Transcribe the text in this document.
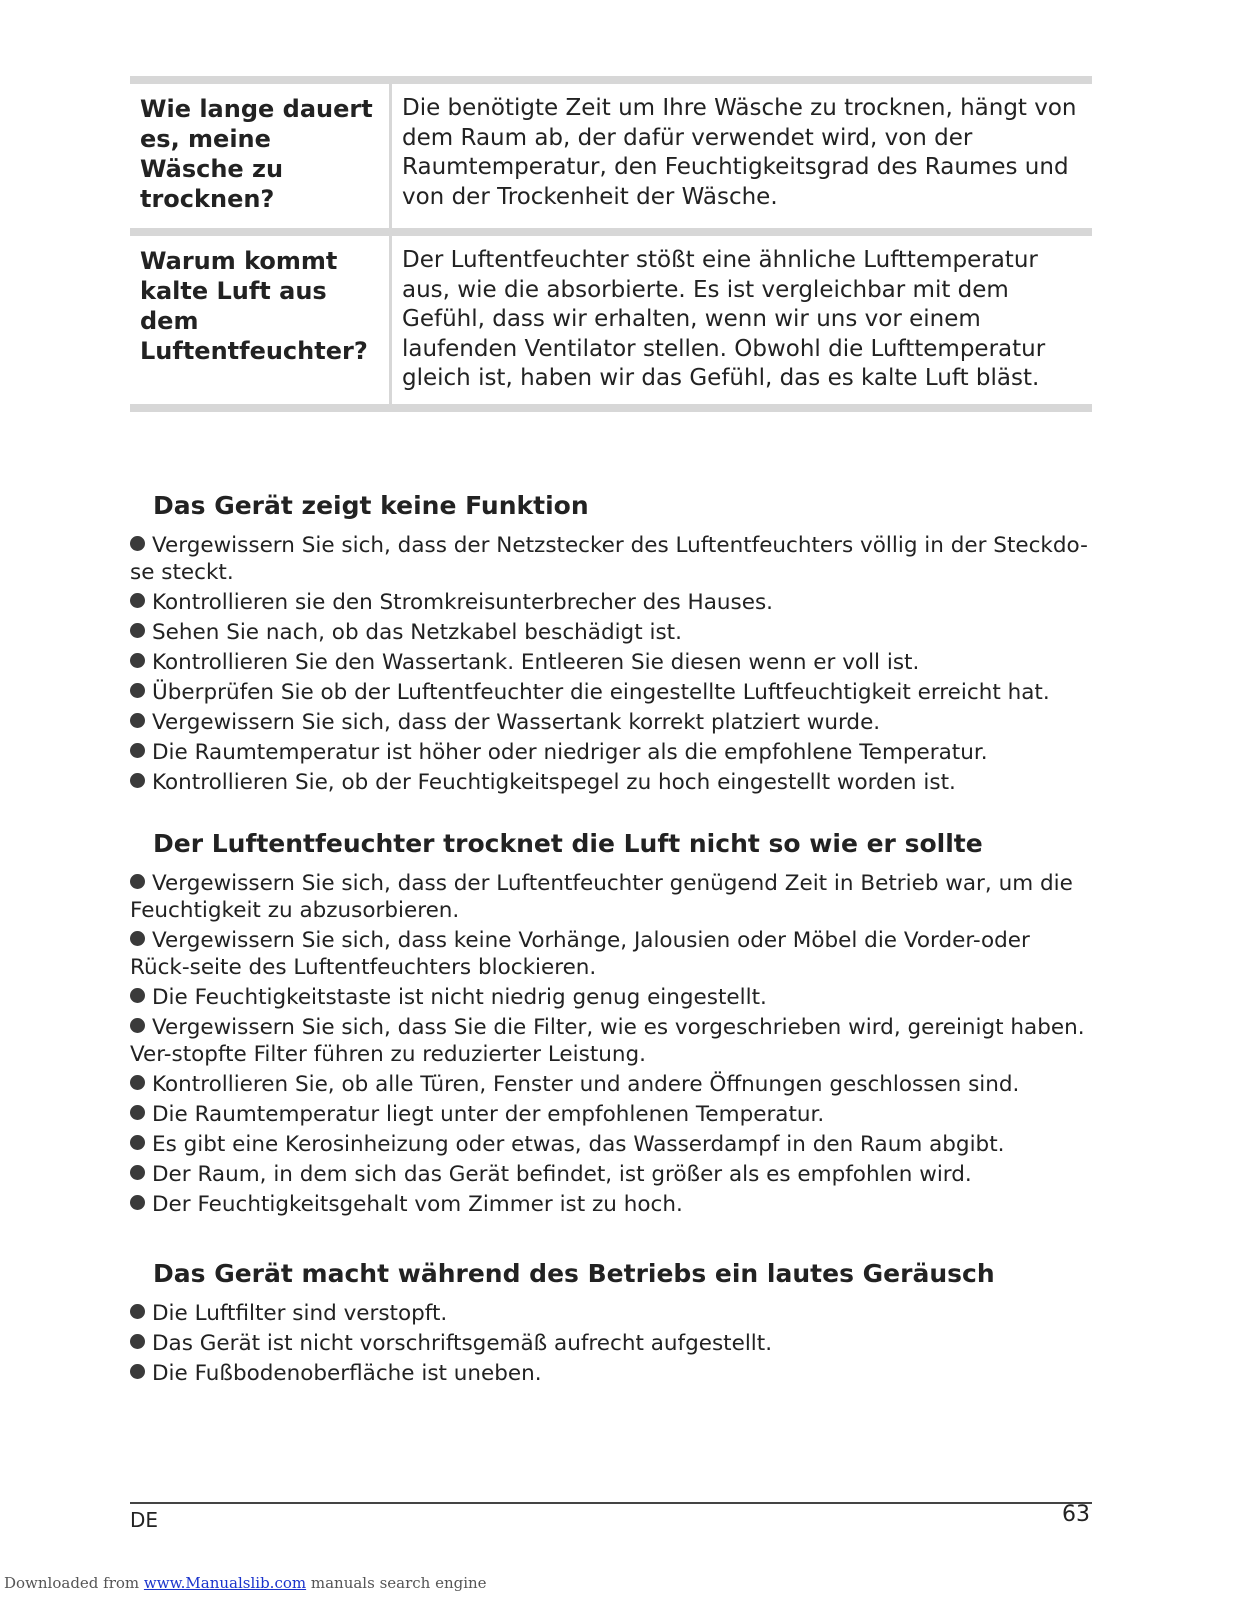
Wie lange dauert es, meine Wäsche zu trocknen?
Die benötigte Zeit um Ihre Wäsche zu trocknen, hängt von dem Raum ab, der dafür verwendet wird, von der Raumtemperatur, den Feuchtigkeitsgrad des Raumes und von der Trockenheit der Wäsche.
Warum kommt kalte Luft aus dem Luftentfeuchter?
Der Luftentfeuchter stößt eine ähnliche Lufttemperatur aus, wie die absorbierte. Es ist vergleichbar mit dem Gefühl, dass wir erhalten, wenn wir uns vor einem laufenden Ventilator stellen. Obwohl die Lufttemperatur gleich ist, haben wir das Gefühl, das es kalte Luft bläst.
Das Gerät zeigt keine Funktion
Vergewissern Sie sich, dass der Netzstecker des Luftentfeuchters völlig in der Steckdo-se steckt.
Kontrollieren sie den Stromkreisunterbrecher des Hauses.
Sehen Sie nach, ob das Netzkabel beschädigt ist.
Kontrollieren Sie den Wassertank. Entleeren Sie diesen wenn er voll ist.
Überprüfen Sie ob der Luftentfeuchter die eingestellte Luftfeuchtigkeit erreicht hat.
Vergewissern Sie sich, dass der Wassertank korrekt platziert wurde.
Die Raumtemperatur ist höher oder niedriger als die empfohlene Temperatur.
Kontrollieren Sie, ob der Feuchtigkeitspegel zu hoch eingestellt worden ist.
Der Luftentfeuchter trocknet die Luft nicht so wie er sollte
Vergewissern Sie sich, dass der Luftentfeuchter genügend Zeit in Betrieb war, um die Feuchtigkeit zu abzusorbieren.
Vergewissern Sie sich, dass keine Vorhänge, Jalousien oder Möbel die Vorder-oder Rück-seite des Luftentfeuchters blockieren.
Die Feuchtigkeitstaste ist nicht niedrig genug eingestellt.
Vergewissern Sie sich, dass Sie die Filter, wie es vorgeschrieben wird, gereinigt haben. Ver-stopfte Filter führen zu reduzierter Leistung.
Kontrollieren Sie, ob alle Türen, Fenster und andere Öffnungen geschlossen sind.
Die Raumtemperatur liegt unter der empfohlenen Temperatur.
Es gibt eine Kerosinheizung oder etwas, das Wasserdampf in den Raum abgibt.
Der Raum, in dem sich das Gerät befindet, ist größer als es empfohlen wird.
Der Feuchtigkeitsgehalt vom Zimmer ist zu hoch.
Das Gerät macht während des Betriebs ein lautes Geräusch
Die Luftfilter sind verstopft.
Das Gerät ist nicht vorschriftsgemäß aufrecht aufgestellt.
Die Fußbodenoberfläche ist uneben.
DE	63
Downloaded from www.Manualslib.com manuals search engine
